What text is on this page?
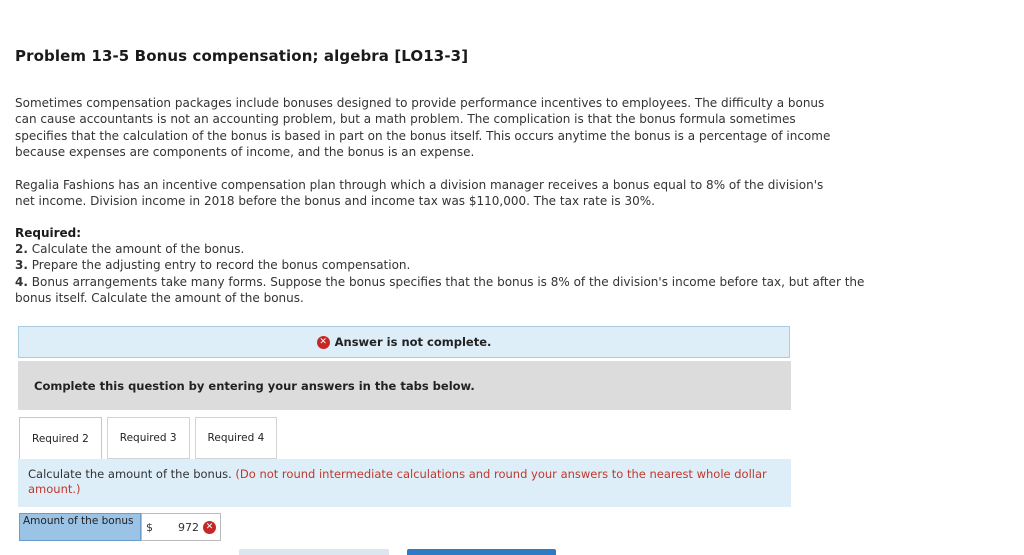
Problem 13-5 Bonus compensation; algebra [LO13-3]

Sometimes compensation packages include bonuses designed to provide performance incentives to employees. The difficulty a bonus can cause accountants is not an accounting problem, but a math problem. The complication is that the bonus formula sometimes specifies that the calculation of the bonus is based in part on the bonus itself. This occurs anytime the bonus is a percentage of income because expenses are components of income, and the bonus is an expense.

Regalia Fashions has an incentive compensation plan through which a division manager receives a bonus equal to 8% of the division's net income. Division income in 2018 before the bonus and income tax was $110,000. The tax rate is 30%.

Required:
2. Calculate the amount of the bonus.
3. Prepare the adjusting entry to record the bonus compensation.
4. Bonus arrangements take many forms. Suppose the bonus specifies that the bonus is 8% of the division's income before tax, but after the bonus itself. Calculate the amount of the bonus.
✕ Answer is not complete.
Complete this question by entering your answers in the tabs below.
Required 2	Required 3	Required 4
Calculate the amount of the bonus. (Do not round intermediate calculations and round your answers to the nearest whole dollar amount.)
Amount of the bonus	$ 972 ✕
